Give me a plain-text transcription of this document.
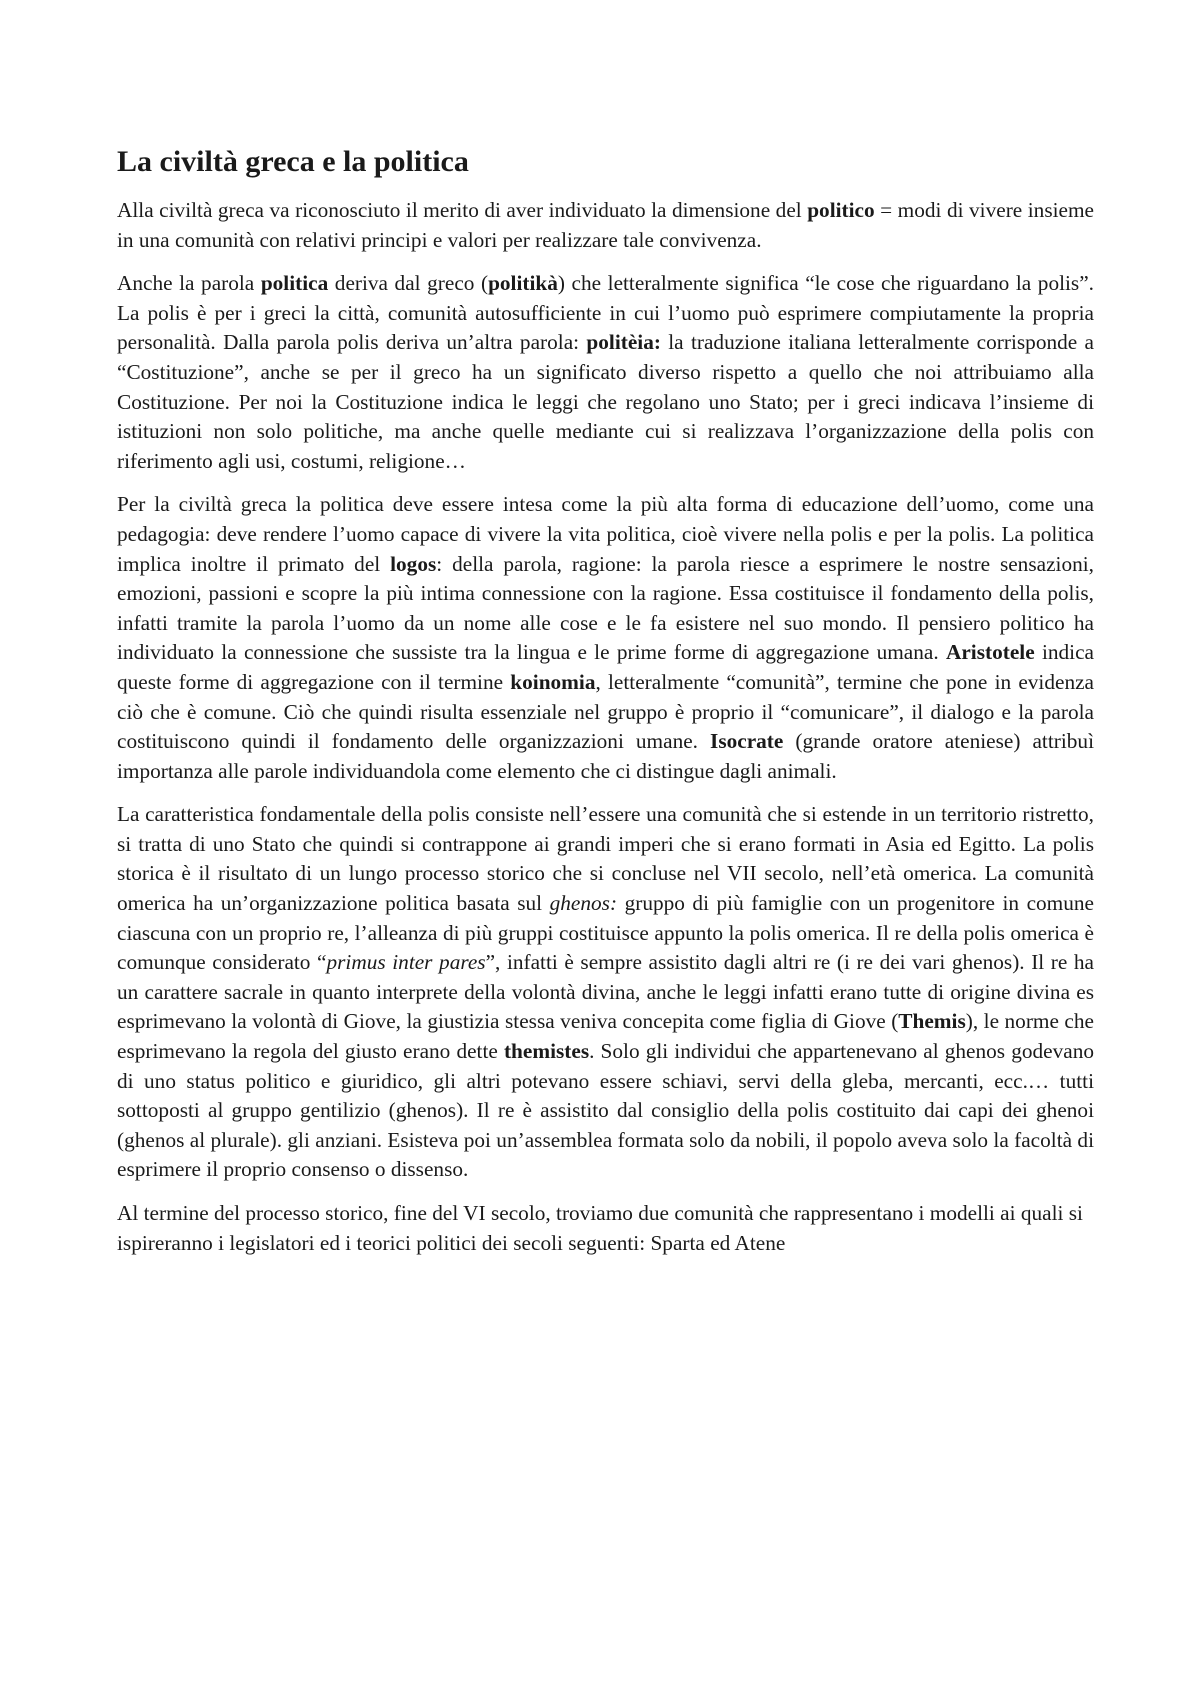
La civiltà greca e la politica

Alla civiltà greca va riconosciuto il merito di aver individuato la dimensione del politico = modi di vivere insieme in una comunità con relativi principi e valori per realizzare tale convivenza.

Anche la parola politica deriva dal greco (politikà) che letteralmente significa “le cose che riguardano la polis”. La polis è per i greci la città, comunità autosufficiente in cui l’uomo può esprimere compiutamente la propria personalità. Dalla parola polis deriva un’altra parola: politèia: la traduzione italiana letteralmente corrisponde a “Costituzione”, anche se per il greco ha un significato diverso rispetto a quello che noi attribuiamo alla Costituzione. Per noi la Costituzione indica le leggi che regolano uno Stato; per i greci indicava l’insieme di istituzioni non solo politiche, ma anche quelle mediante cui si realizzava l’organizzazione della polis con riferimento agli usi, costumi, religione…

Per la civiltà greca la politica deve essere intesa come la più alta forma di educazione dell’uomo, come una pedagogia: deve rendere l’uomo capace di vivere la vita politica, cioè vivere nella polis e per la polis. La politica implica inoltre il primato del logos: della parola, ragione: la parola riesce a esprimere le nostre sensazioni, emozioni, passioni e scopre la più intima connessione con la ragione. Essa costituisce il fondamento della polis, infatti tramite la parola l’uomo da un nome alle cose e le fa esistere nel suo mondo. Il pensiero politico ha individuato la connessione che sussiste tra la lingua e le prime forme di aggregazione umana. Aristotele indica queste forme di aggregazione con il termine koinomia, letteralmente “comunità”, termine che pone in evidenza ciò che è comune. Ciò che quindi risulta essenziale nel gruppo è proprio il “comunicare”, il dialogo e la parola costituiscono quindi il fondamento delle organizzazioni umane. Isocrate (grande oratore ateniese) attribuì importanza alle parole individuandola come elemento che ci distingue dagli animali.

La caratteristica fondamentale della polis consiste nell’essere una comunità che si estende in un territorio ristretto, si tratta di uno Stato che quindi si contrappone ai grandi imperi che si erano formati in Asia ed Egitto. La polis storica è il risultato di un lungo processo storico che si concluse nel VII secolo, nell’età omerica. La comunità omerica ha un’organizzazione politica basata sul ghenos: gruppo di più famiglie con un progenitore in comune ciascuna con un proprio re, l’alleanza di più gruppi costituisce appunto la polis omerica. Il re della polis omerica è comunque considerato “primus inter pares”, infatti è sempre assistito dagli altri re (i re dei vari ghenos). Il re ha un carattere sacrale in quanto interprete della volontà divina, anche le leggi infatti erano tutte di origine divina es esprimevano la volontà di Giove, la giustizia stessa veniva concepita come figlia di Giove (Themis), le norme che esprimevano la regola del giusto erano dette themistes. Solo gli individui che appartenevano al ghenos godevano di uno status politico e giuridico, gli altri potevano essere schiavi, servi della gleba, mercanti, ecc.… tutti sottoposti al gruppo gentilizio (ghenos). Il re è assistito dal consiglio della polis costituito dai capi dei ghenoi (ghenos al plurale). gli anziani. Esisteva poi un’assemblea formata solo da nobili, il popolo aveva solo la facoltà di esprimere il proprio consenso o dissenso.

Al termine del processo storico, fine del VI secolo, troviamo due comunità che rappresentano i modelli ai quali si ispireranno i legislatori ed i teorici politici dei secoli seguenti: Sparta ed Atene
